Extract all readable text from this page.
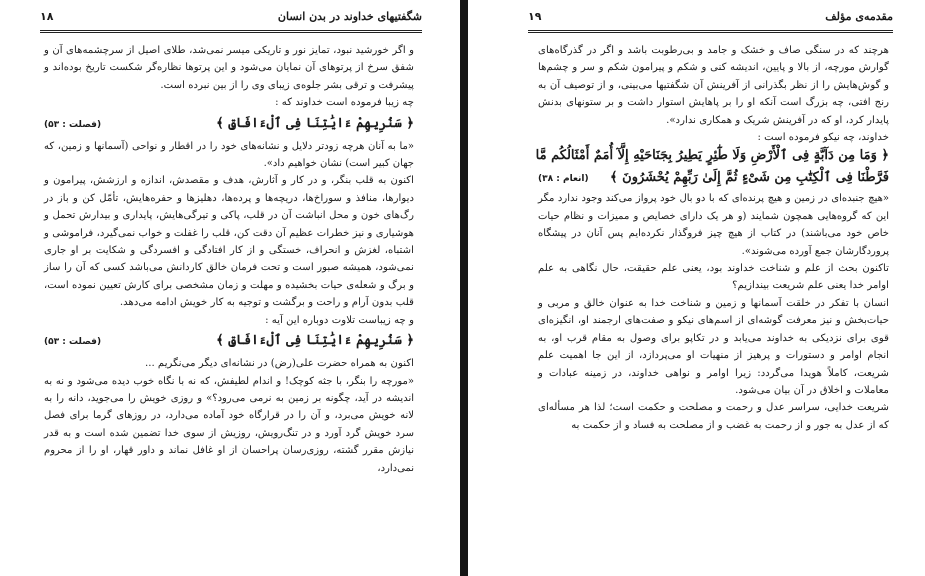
شگفتیهای خداوند در بدن انسان
۱۸

و اگر خورشید نبود، تمایز نور و تاریکی میسر نمی‌شد، طلای اصیل از سرچشمه‌های آن و شفق سرخ از پرتوهای آن نمایان می‌شود و این پرتوها نظاره‌گر شکست تاریخ بوده‌اند و پیشرفت و ترقی بشر جلوه‌ی زیبای وی را از بین نبرده است.

چه زیبا فرموده است خداوند که :

﴿ سَنُرِيهِمْ ءَايَٰتِنَا فِى ٱلْءَافَاقِ ﴾
(فصلت : ۵۳)

«ما به آنان هرچه زودتر دلایل و نشانه‌های خود را در اقطار و نواحی (آسمانها و زمین، که جهان کبیر است) نشان خواهیم داد».

اکنون به قلب بنگر، و در کار و آثارش، هدف و مقصدش، اندازه و ارزشش، پیرامون و دیوارها، منافذ و سوراخ‌ها، دریچه‌ها و پرده‌ها، دهلیزها و حفره‌هایش، تأمّل کن و باز در رگ‌های خون و محل انباشت آن در قلب، پاکی و تیرگی‌هایش، پایداری و بیدارش تحمل و هوشیاری و نیز خطرات عظیم آن دقت کن، قلب را غفلت و خواب نمی‌گیرد، فراموشی و اشتباه، لغزش و انحراف، خستگی و از کار افتادگی و افسردگی و شکایت بر او جاری نمی‌شود، همیشه صبور است و تحت فرمان خالق کاردانش می‌باشد کسی که آن را ساز و برگ و شعله‌ی حیات بخشیده و مهلت و زمان مشخصی برای کارش تعیین نموده است، قلب بدون آرام و راحت و برگشت و توجیه به کار خویش ادامه می‌دهد.

و چه زیباست تلاوت دوباره این آیه :

﴿ سَنُرِيهِمْ ءَايَٰتِنَا فِى ٱلْءَافَاقِ ﴾
(فصلت : ۵۳)

اکنون به همراه حضرت علی(رض) در نشانه‌ای دیگر می‌نگریم ...

«مورچه را بنگر، با جثه کوچک! و اندام لطیفش، که نه با نگاه خوب دیده می‌شود و نه به اندیشه در آید، چگونه بر زمین به نرمی می‌رود؟» و روزی خویش را می‌جوید، دانه را به لانه خویش می‌برد، و آن را در قرارگاه خود آماده می‌دارد، در روزهای گرما برای فصل سرد خویش گرد آورد و در تنگ‌رویش، روزیش از سوی خدا تضمین شده است و به قدر نیازش مقرر گشته، روزی‌رسان پراحسان از او غافل نماند و داور قهار، او را از محروم نمی‌دارد،

مقدمه‌ی مؤلف
۱۹

هرچند که در سنگی صاف و خشک و جامد و بی‌رطوبت باشد و اگر در گذرگاه‌های گوارش مورچه، از بالا و پایین، اندیشه کنی و شکم و پیرامون شکم و سر و چشم‌ها و گوش‌هایش را از نظر بگذرانی از آفرینش آن شگفتیها می‌بینی، و از توصیف آن به رنج افتی، چه بزرگ است آنکه او را بر پاهایش استوار داشت و بر ستونهای بدنش پایدار کرد، او که در آفرینش شریک و همکاری ندارد».

خداوند، چه نیکو فرموده است :

﴿ وَمَا مِن دَآبَّةٍ فِى ٱلْأَرْضِ وَلَا طَٰٓئِرٍ يَطِيرُ بِجَنَاحَيْهِ إِلَّآ أُمَمٌ أَمْثَالُكُم مَّا
فَرَّطْنَا فِى ٱلْكِتَٰبِ مِن شَىْءٍ ثُمَّ إِلَىٰ رَبِّهِمْ يُحْشَرُونَ ﴾
(انعام : ۳۸)

«هیچ جنبده‌ای در زمین و هیچ پرنده‌ای که با دو بال خود پرواز می‌کند وجود ندارد مگر این که گروه‌هایی همچون شمایند (و هر یک دارای خصایص و ممیزات و نظام حیات خاص خود می‌باشند) در کتاب از هیچ چیز فروگذار نکرده‌ایم پس آنان در پیشگاه پروردگارشان جمع آورده می‌شوند».

تاکنون بحث از علم و شناخت خداوند بود، یعنی علم حقیقت، حال نگاهی به علم اوامر خدا یعنی علم شریعت بیندازیم؟

انسان با تفکر در خلقت آسمانها و زمین و شناخت خدا به عنوان خالق و مربی و حیات‌بخش و نیز معرفت گوشه‌ای از اسم‌های نیکو و صفت‌های ارجمند او، انگیزه‌ای قوی برای نزدیکی به خداوند می‌یابد و در تکاپو برای وصول به مقام قرب او، به انجام اوامر و دستورات و پرهیز از منهیات او می‌پردازد، از این جا اهمیت علم شریعت، کاملاً هویدا می‌گردد: زیرا اوامر و نواهی خداوند، در زمینه عبادات و معاملات و اخلاق در آن بیان می‌شود.

شریعت خدایی، سراسر عدل و رحمت و مصلحت و حکمت است؛ لذا هر مسأله‌ای که از عدل به جور و از رحمت به غضب و از مصلحت به فساد و از حکمت به
